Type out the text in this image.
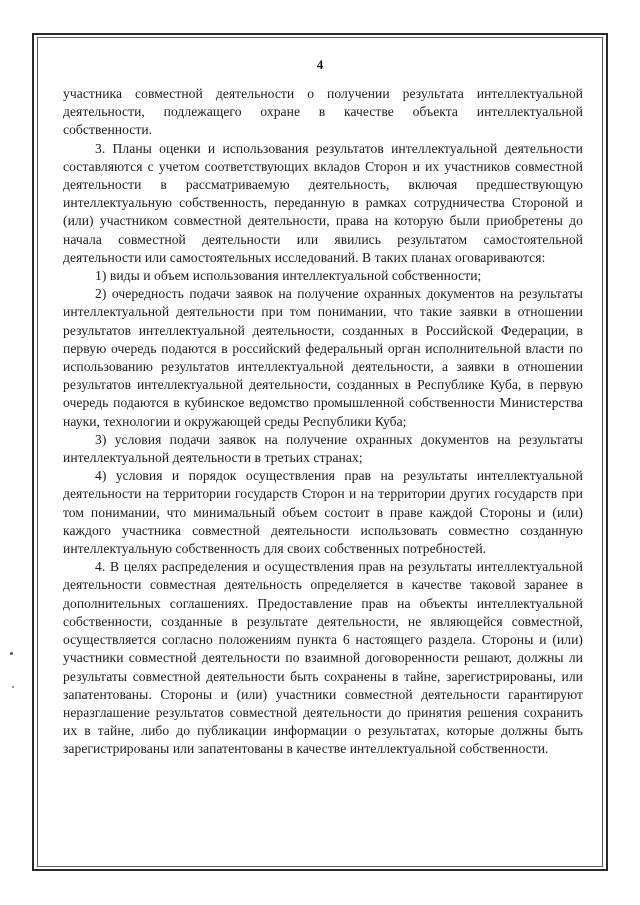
4

участника совместной деятельности о получении результата интеллектуальной деятельности, подлежащего охране в качестве объекта интеллектуальной собственности.

3. Планы оценки и использования результатов интеллектуальной деятельности составляются с учетом соответствующих вкладов Сторон и их участников совместной деятельности в рассматриваемую деятельность, включая предшествующую интеллектуальную собственность, переданную в рамках сотрудничества Стороной и (или) участником совместной деятельности, права на которую были приобретены до начала совместной деятельности или явились результатом самостоятельной деятельности или самостоятельных исследований. В таких планах оговариваются:

1) виды и объем использования интеллектуальной собственности;

2) очередность подачи заявок на получение охранных документов на результаты интеллектуальной деятельности при том понимании, что такие заявки в отношении результатов интеллектуальной деятельности, созданных в Российской Федерации, в первую очередь подаются в российский федеральный орган исполнительной власти по использованию результатов интеллектуальной деятельности, а заявки в отношении результатов интеллектуальной деятельности, созданных в Республике Куба, в первую очередь подаются в кубинское ведомство промышленной собственности Министерства науки, технологии и окружающей среды Республики Куба;

3) условия подачи заявок на получение охранных документов на результаты интеллектуальной деятельности в третьих странах;

4) условия и порядок осуществления прав на результаты интеллектуальной деятельности на территории государств Сторон и на территории других государств при том понимании, что минимальный объем состоит в праве каждой Стороны и (или) каждого участника совместной деятельности использовать совместно созданную интеллектуальную собственность для своих собственных потребностей.

4. В целях распределения и осуществления прав на результаты интеллектуальной деятельности совместная деятельность определяется в качестве таковой заранее в дополнительных соглашениях. Предоставление прав на объекты интеллектуальной собственности, созданные в результате деятельности, не являющейся совместной, осуществляется согласно положениям пункта 6 настоящего раздела. Стороны и (или) участники совместной деятельности по взаимной договоренности решают, должны ли результаты совместной деятельности быть сохранены в тайне, зарегистрированы, или запатентованы. Стороны и (или) участники совместной деятельности гарантируют неразглашение результатов совместной деятельности до принятия решения сохранить их в тайне, либо до публикации информации о результатах, которые должны быть зарегистрированы или запатентованы в качестве интеллектуальной собственности.
